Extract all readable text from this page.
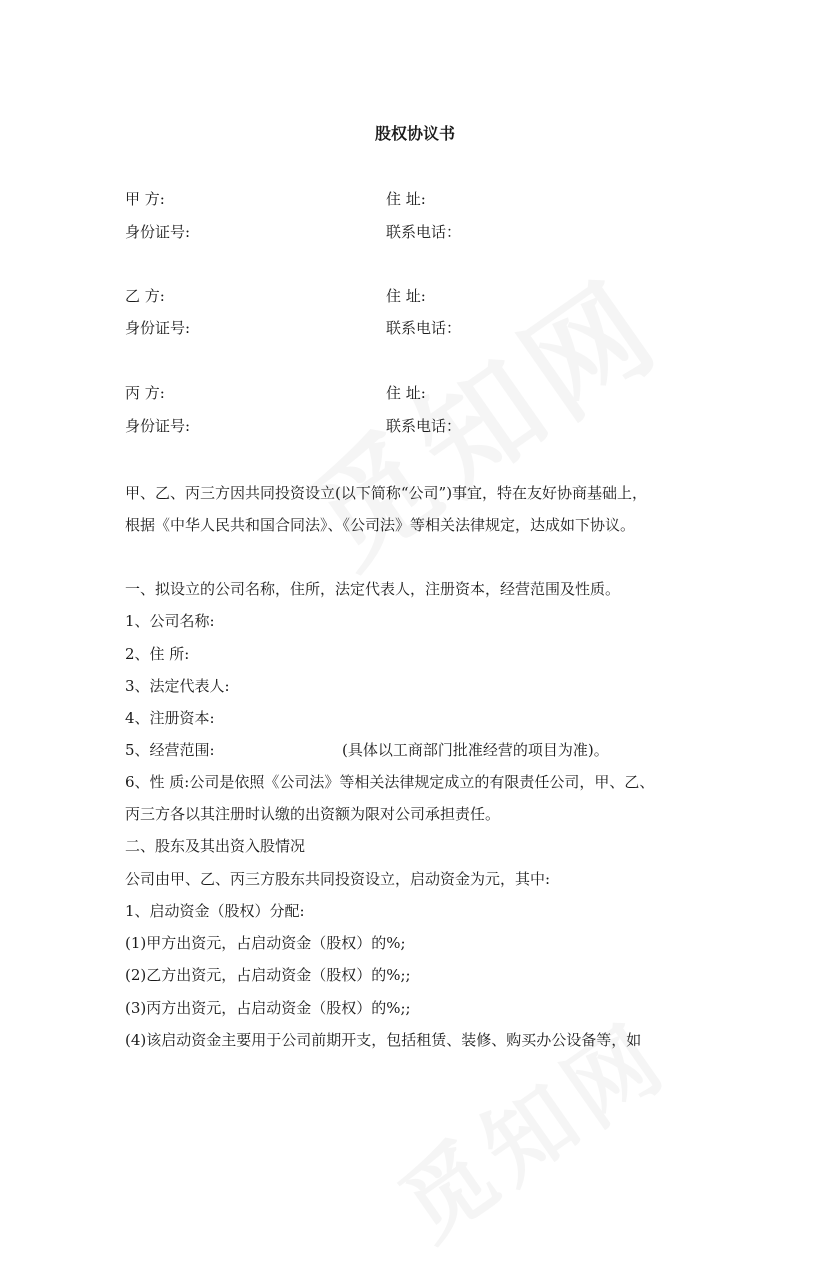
股权协议书
甲 方:	住 址:
身份证号:	联系电话：
乙 方:	住 址:
身份证号:	联系电话：
丙 方:	住 址:
身份证号:	联系电话：
甲、乙、丙三方因共同投资设立(以下简称“公司”)事宜，特在友好协商基础上，
根据《中华人民共和国合同法》、《公司法》等相关法律规定，达成如下协议。
一、拟设立的公司名称，住所，法定代表人，注册资本，经营范围及性质。
1、公司名称:
2、住 所:
3、法定代表人:
4、注册资本:
5、经营范围:	(具体以工商部门批准经营的项目为准)。
6、性 质:公司是依照《公司法》等相关法律规定成立的有限责任公司，甲、乙、
丙三方各以其注册时认缴的出资额为限对公司承担责任。
二、股东及其出资入股情况
公司由甲、乙、丙三方股东共同投资设立，启动资金为元，其中:
1、启动资金（股权）分配:
(1)甲方出资元，占启动资金（股权）的%;
(2)乙方出资元，占启动资金（股权）的%;;
(3)丙方出资元，占启动资金（股权）的%;;
(4)该启动资金主要用于公司前期开支，包括租赁、装修、购买办公设备等，如
